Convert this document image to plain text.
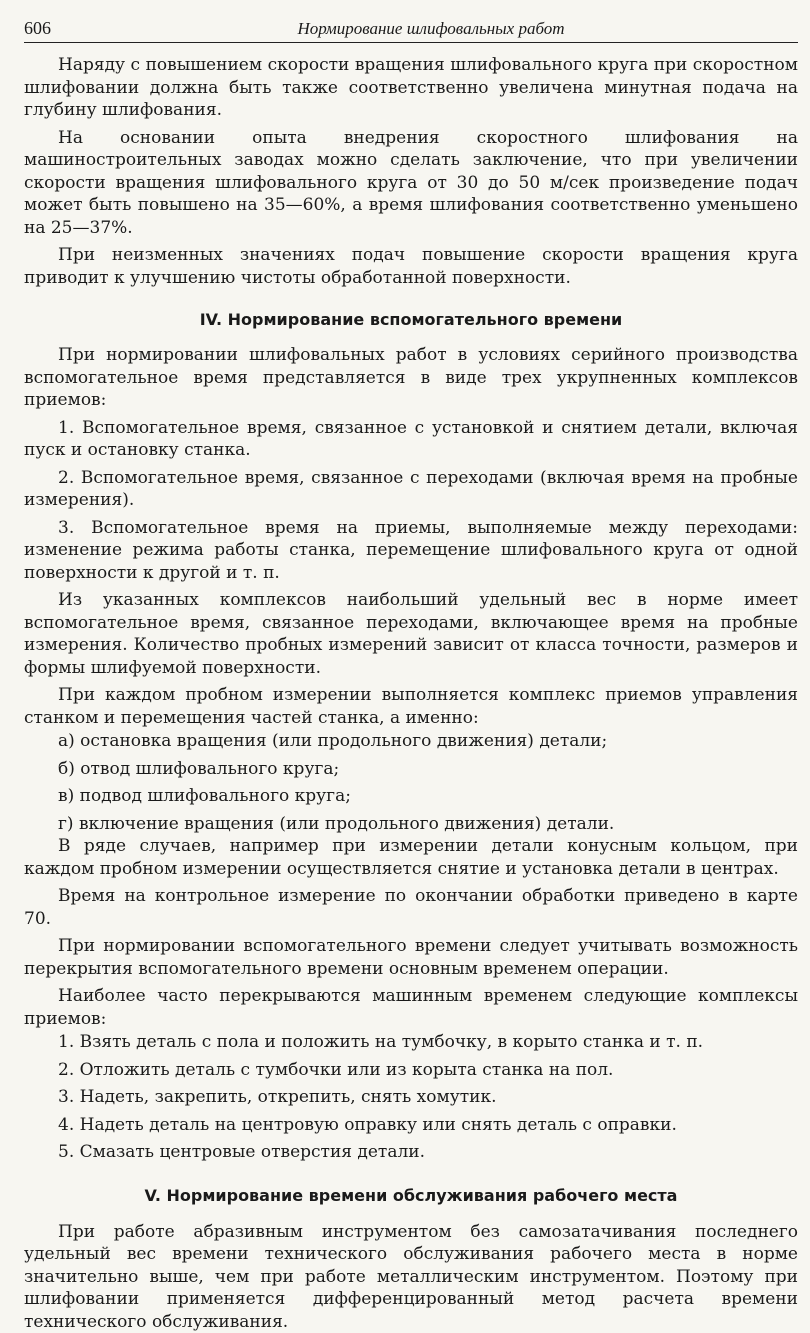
606	Нормирование шлифовальных работ

Наряду с повышением скорости вращения шлифовального круга при скоростном шлифовании должна быть также соответственно увеличена минутная подача на глубину шлифования.

На основании опыта внедрения скоростного шлифования на машиностроительных заводах можно сделать заключение, что при увеличении скорости вращения шлифовального круга от 30 до 50 м/сек произведение подач может быть повышено на 35—60%, а время шлифования соответственно уменьшено на 25—37%.

При неизменных значениях подач повышение скорости вращения круга приводит к улучшению чистоты обработанной поверхности.

IV. Нормирование вспомогательного времени

При нормировании шлифовальных работ в условиях серийного производства вспомогательное время представляется в виде трех укрупненных комплексов приемов:

1. Вспомогательное время, связанное с установкой и снятием детали, включая пуск и остановку станка.

2. Вспомогательное время, связанное с переходами (включая время на пробные измерения).

3. Вспомогательное время на приемы, выполняемые между переходами: изменение режима работы станка, перемещение шлифовального круга от одной поверхности к другой и т. п.

Из указанных комплексов наибольший удельный вес в норме имеет вспомогательное время, связанное переходами, включающее время на пробные измерения. Количество пробных измерений зависит от класса точности, размеров и формы шлифуемой поверхности.

При каждом пробном измерении выполняется комплекс приемов управления станком и перемещения частей станка, а именно:

а) остановка вращения (или продольного движения) детали;

б) отвод шлифовального круга;

в) подвод шлифовального круга;

г) включение вращения (или продольного движения) детали.

В ряде случаев, например при измерении детали конусным кольцом, при каждом пробном измерении осуществляется снятие и установка детали в центрах.

Время на контрольное измерение по окончании обработки приведено в карте 70.

При нормировании вспомогательного времени следует учитывать возможность перекрытия вспомогательного времени основным временем операции.

Наиболее часто перекрываются машинным временем следующие комплексы приемов:

1. Взять деталь с пола и положить на тумбочку, в корыто станка и т. п.

2. Отложить деталь с тумбочки или из корыта станка на пол.

3. Надеть, закрепить, открепить, снять хомутик.

4. Надеть деталь на центровую оправку или снять деталь с оправки.

5. Смазать центровые отверстия детали.

V. Нормирование времени обслуживания рабочего места

При работе абразивным инструментом без самозатачивания последнего удельный вес времени технического обслуживания рабочего места в норме значительно выше, чем при работе металлическим инструментом. Поэтому при шлифовании применяется дифференцированный метод расчета времени технического обслуживания.
